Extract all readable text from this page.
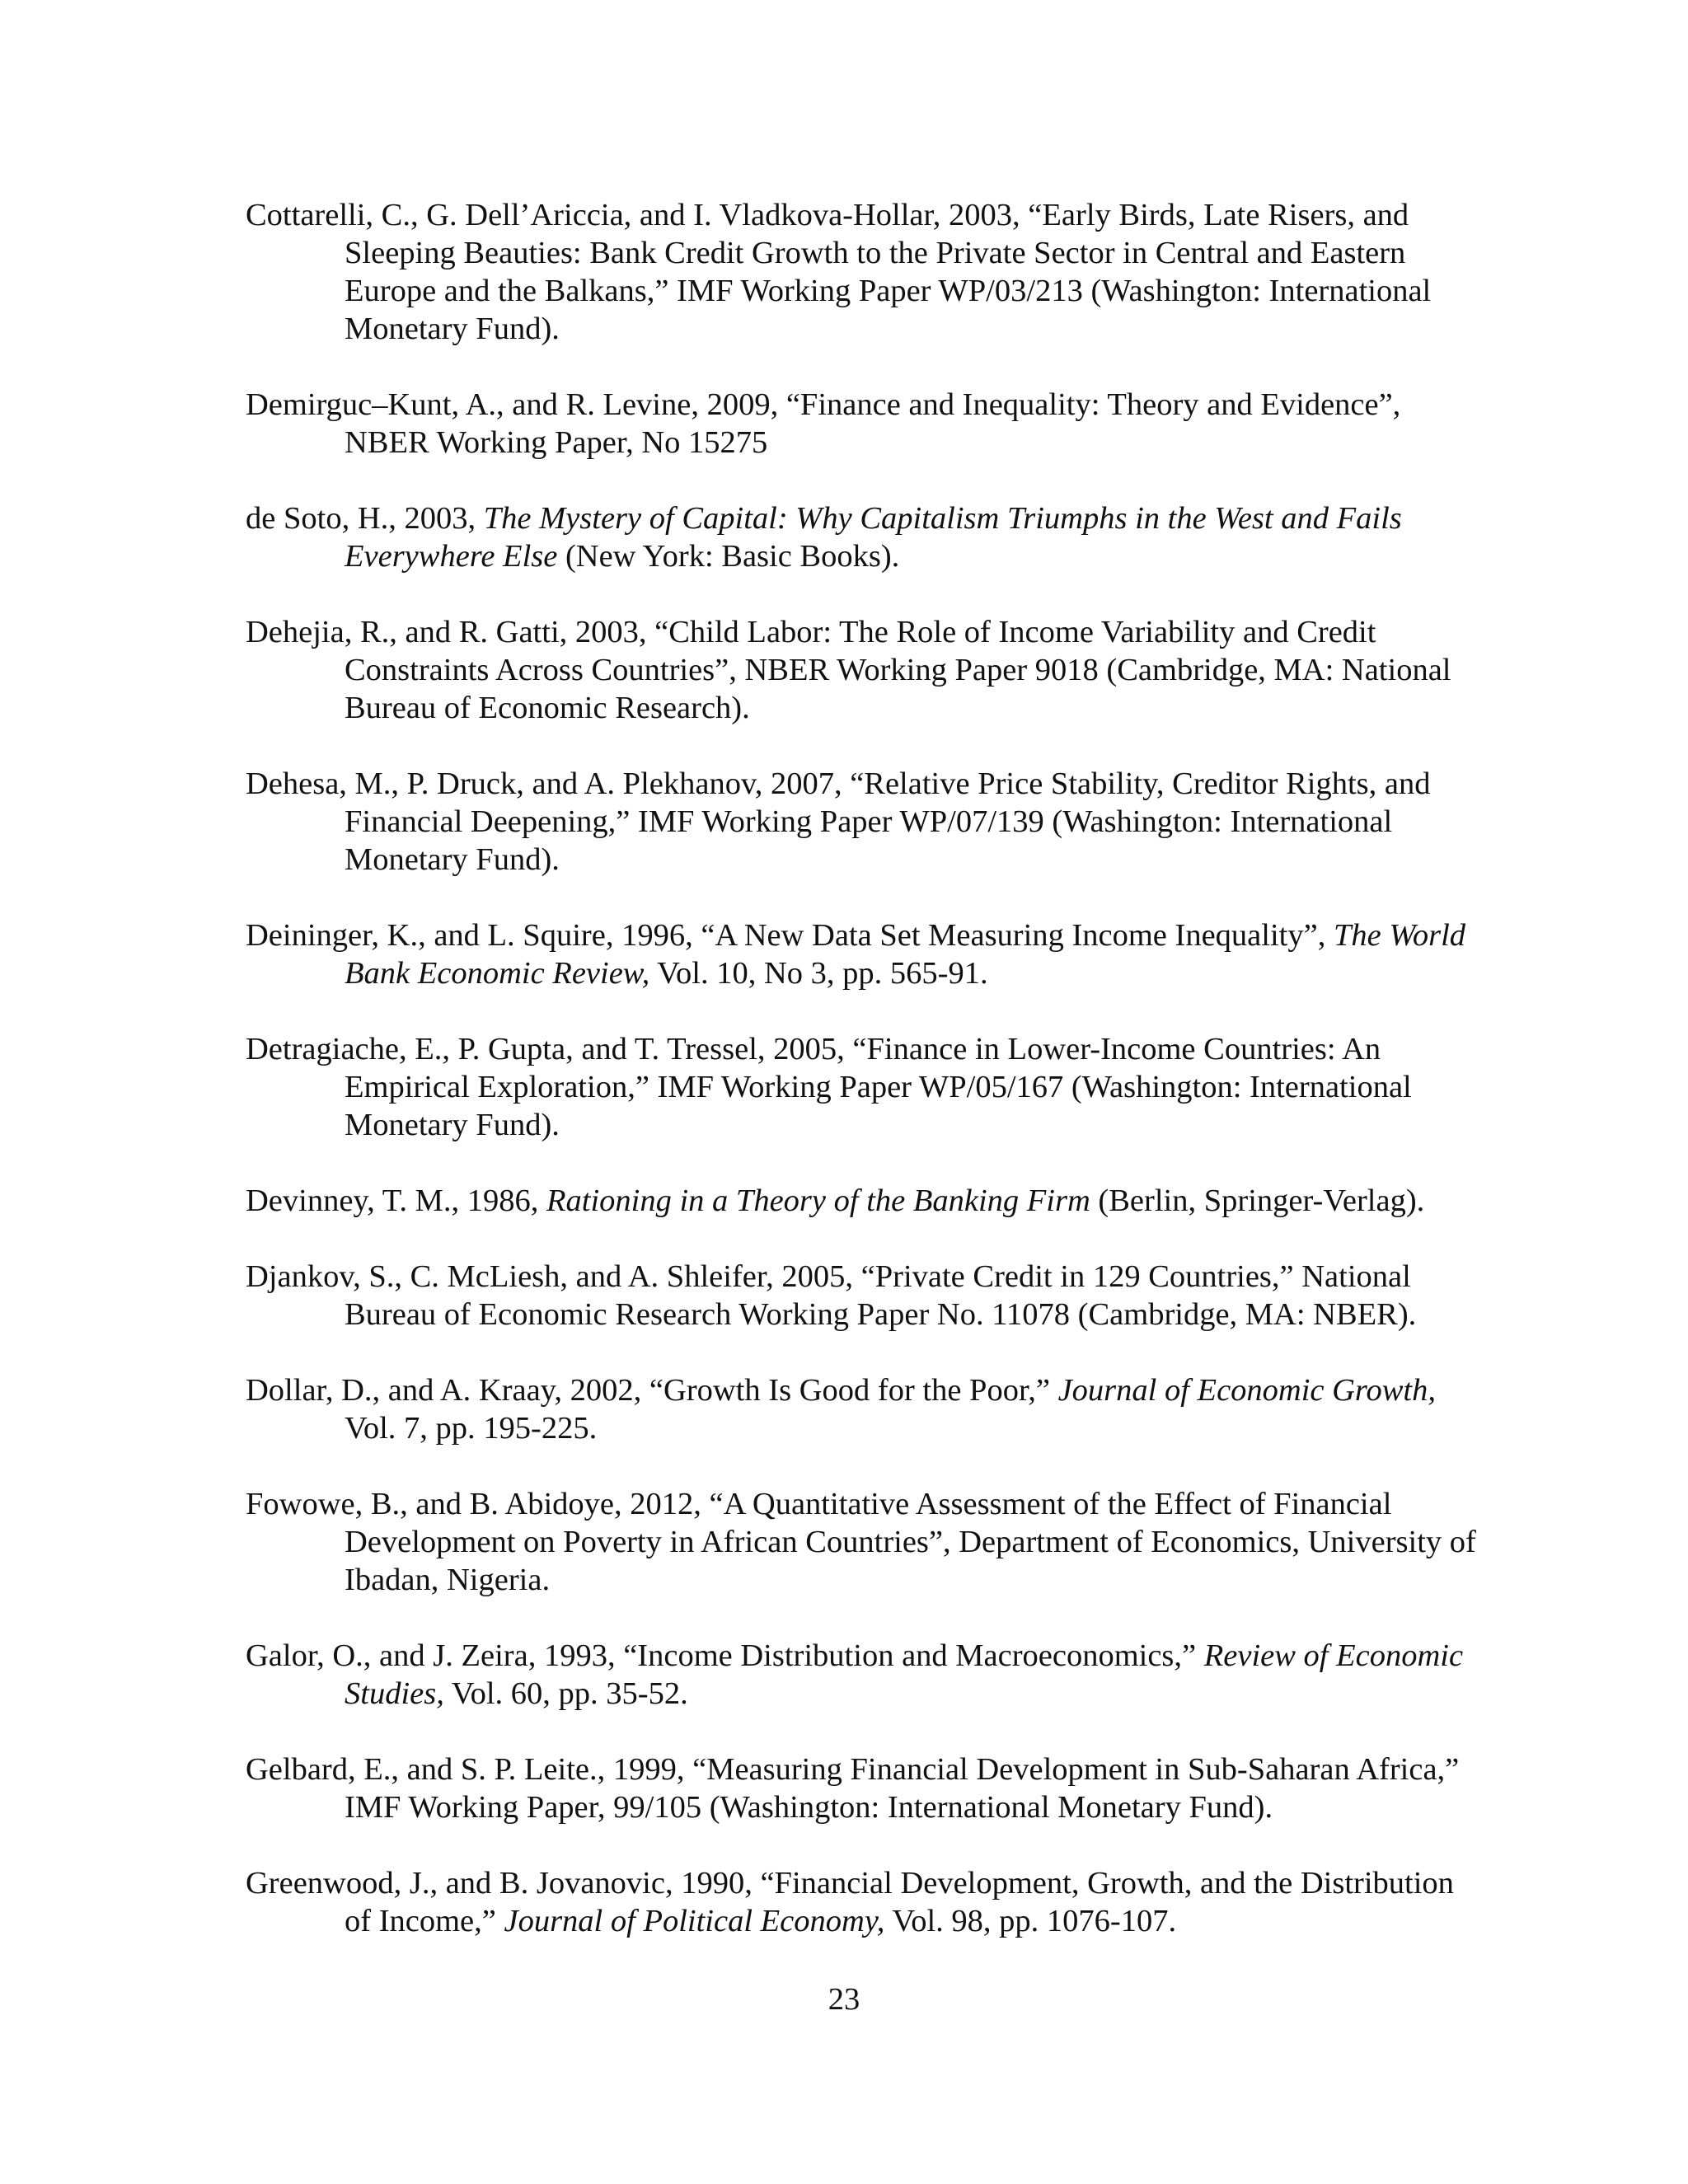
Cottarelli, C., G. Dell’Ariccia, and I. Vladkova-Hollar, 2003, “Early Birds, Late Risers, and Sleeping Beauties: Bank Credit Growth to the Private Sector in Central and Eastern Europe and the Balkans,” IMF Working Paper WP/03/213 (Washington: International Monetary Fund).
Demirguc–Kunt, A., and R. Levine, 2009, “Finance and Inequality: Theory and Evidence”, NBER Working Paper, No 15275
de Soto, H., 2003, The Mystery of Capital: Why Capitalism Triumphs in the West and Fails Everywhere Else (New York: Basic Books).
Dehejia, R., and R. Gatti, 2003, “Child Labor: The Role of Income Variability and Credit Constraints Across Countries”, NBER Working Paper 9018 (Cambridge, MA: National Bureau of Economic Research).
Dehesa, M., P. Druck, and A. Plekhanov, 2007, “Relative Price Stability, Creditor Rights, and Financial Deepening,” IMF Working Paper WP/07/139 (Washington: International Monetary Fund).
Deininger, K., and L. Squire, 1996, “A New Data Set Measuring Income Inequality”, The World Bank Economic Review, Vol. 10, No 3, pp. 565-91.
Detragiache, E., P. Gupta, and T. Tressel, 2005, “Finance in Lower-Income Countries: An Empirical Exploration,” IMF Working Paper WP/05/167 (Washington: International Monetary Fund).
Devinney, T. M., 1986, Rationing in a Theory of the Banking Firm (Berlin, Springer-Verlag).
Djankov, S., C. McLiesh, and A. Shleifer, 2005, “Private Credit in 129 Countries,” National Bureau of Economic Research Working Paper No. 11078 (Cambridge, MA: NBER).
Dollar, D., and A. Kraay, 2002, “Growth Is Good for the Poor,” Journal of Economic Growth, Vol. 7, pp. 195-225.
Fowowe, B., and B. Abidoye, 2012, “A Quantitative Assessment of the Effect of Financial Development on Poverty in African Countries”, Department of Economics, University of Ibadan, Nigeria.
Galor, O., and J. Zeira, 1993, “Income Distribution and Macroeconomics,” Review of Economic Studies, Vol. 60, pp. 35-52.
Gelbard, E., and S. P. Leite., 1999, “Measuring Financial Development in Sub-Saharan Africa,” IMF Working Paper, 99/105 (Washington: International Monetary Fund).
Greenwood, J., and B. Jovanovic, 1990, “Financial Development, Growth, and the Distribution of Income,” Journal of Political Economy, Vol. 98, pp. 1076-107.
23
